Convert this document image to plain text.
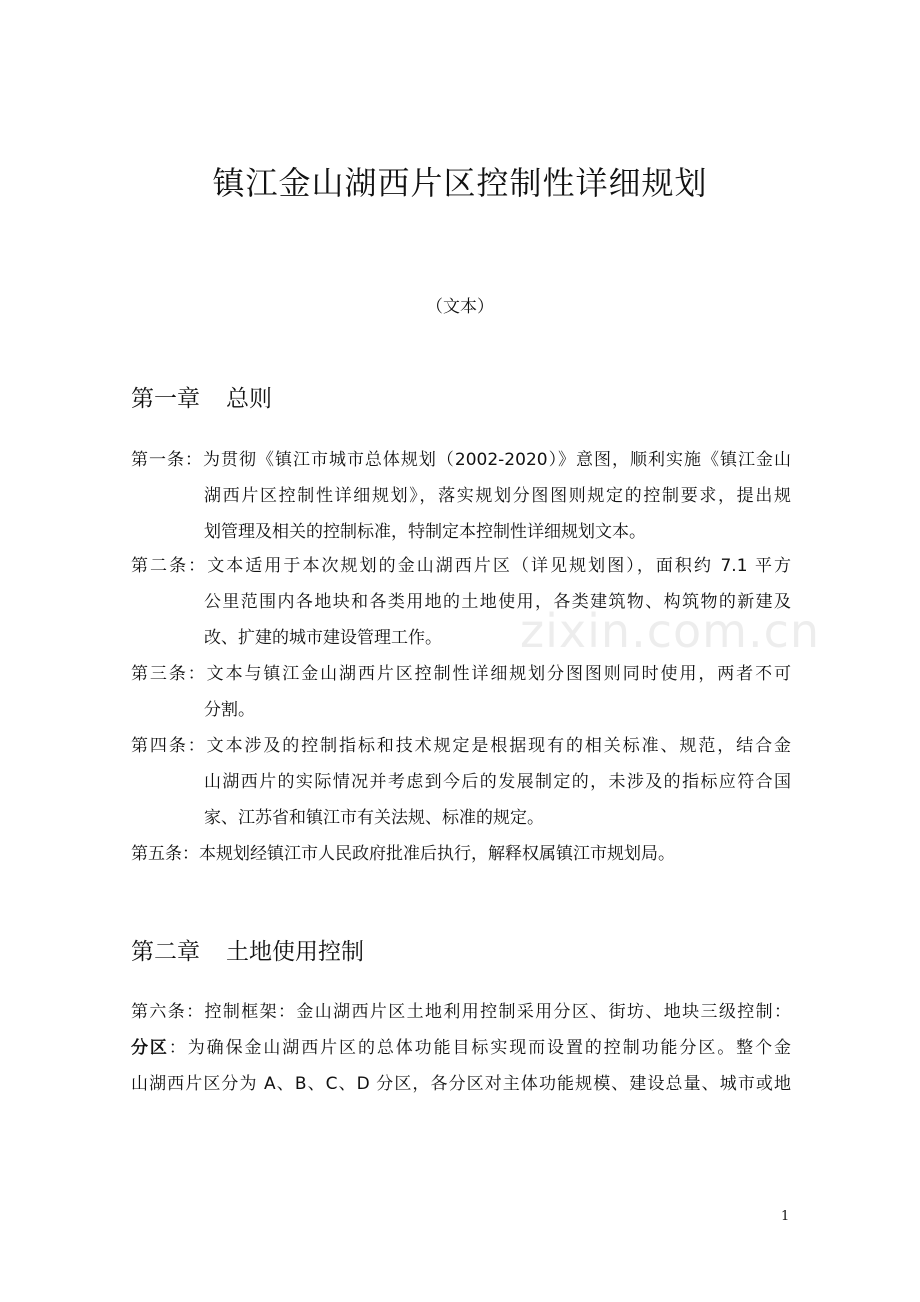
zixin.com.cn
镇江金山湖西片区控制性详细规划
（文本）
第一章 总则
第一条：为贯彻《镇江市城市总体规划（2002-2020）》意图，顺利实施《镇江金山
湖西片区控制性详细规划》，落实规划分图图则规定的控制要求，提出规
划管理及相关的控制标准，特制定本控制性详细规划文本。
第二条：文本适用于本次规划的金山湖西片区（详见规划图），面积约 7.1 平方
公里范围内各地块和各类用地的土地使用，各类建筑物、构筑物的新建及
改、扩建的城市建设管理工作。
第三条：文本与镇江金山湖西片区控制性详细规划分图图则同时使用，两者不可
分割。
第四条：文本涉及的控制指标和技术规定是根据现有的相关标准、规范，结合金
山湖西片的实际情况并考虑到今后的发展制定的，未涉及的指标应符合国
家、江苏省和镇江市有关法规、标准的规定。
第五条：本规划经镇江市人民政府批准后执行，解释权属镇江市规划局。
第二章 土地使用控制
第六条：控制框架：金山湖西片区土地利用控制采用分区、街坊、地块三级控制：
分区：为确保金山湖西片区的总体功能目标实现而设置的控制功能分区。整个金
山湖西片区分为 A、B、C、D 分区，各分区对主体功能规模、建设总量、城市或地
1
